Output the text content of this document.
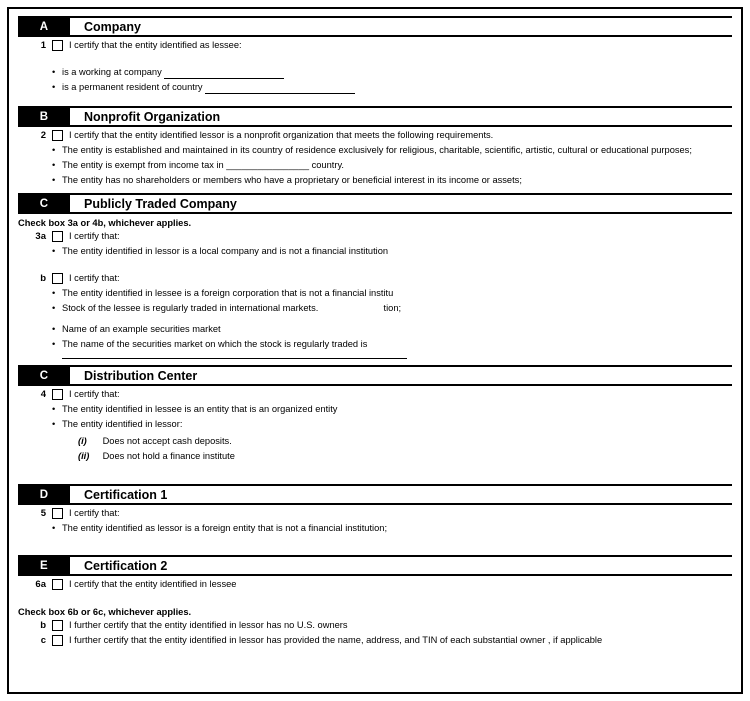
A	Company
1	I certify that the entity identified as lessee:
• is a working at company
• is a permanent resident of country
B	Nonprofit Organization
2	I certify that the entity identified lessor is a nonprofit organization that meets the following requirements.
• The entity is established and maintained in its country of residence exclusively for religious, charitable, scientific, artistic, cultural or educational purposes;
• The entity is exempt from income tax in ________________ country.
• The entity has no shareholders or members who have a proprietary or beneficial interest in its income or assets;
C	Publicly Traded Company
Check box 3a or 4b, whichever applies.
3a	I certify that:
• The entity identified in lessor is a local company and is not a financial institution
b	I certify that:
• The entity identified in lessee is a foreign corporation that is not a financial institu
• Stock of the lessee is regularly traded in international markets.	tion;
• Name of an example securities market
• The name of the securities market on which the stock is regularly traded is
C	Distribution Center
4	I certify that:
• The entity identified in lessee is an entity that is an organized entity
• The entity identified in lessor:
(i) Does not accept cash deposits.
(ii) Does not hold a finance institute
D	Certification 1
5	I certify that:
• The entity identified as lessor is a foreign entity that is not a financial institution;
E	Certification 2
6a	I certify that the entity identified in lessee
Check box 6b or 6c, whichever applies.
b	I further certify that the entity identified in lessor has no U.S. owners
c	I further certify that the entity identified in lessor has provided the name, address, and TIN of each substantial owner , if applicable
